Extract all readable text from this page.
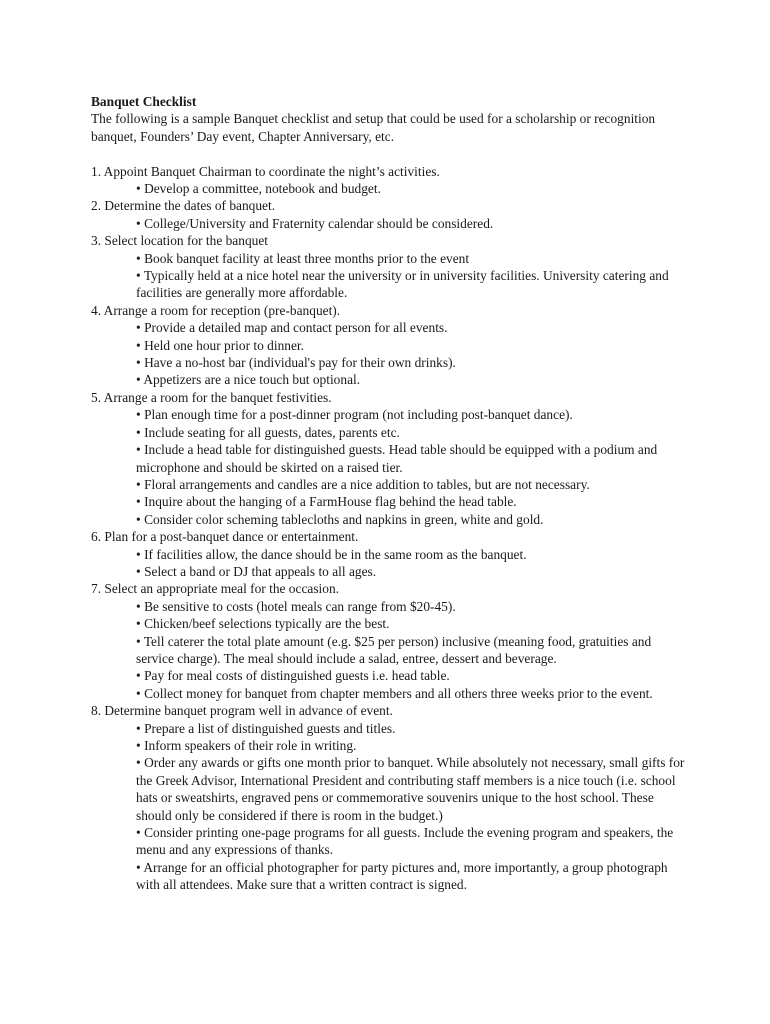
Banquet Checklist

The following is a sample Banquet checklist and setup that could be used for a scholarship or recognition banquet, Founders’ Day event, Chapter Anniversary, etc.

1. Appoint Banquet Chairman to coordinate the night’s activities.

• Develop a committee, notebook and budget.

2. Determine the dates of banquet.

• College/University and Fraternity calendar should be considered.

3. Select location for the banquet

• Book banquet facility at least three months prior to the event
• Typically held at a nice hotel near the university or in university facilities. University catering and facilities are generally more affordable.

4. Arrange a room for reception (pre-banquet).

• Provide a detailed map and contact person for all events.
• Held one hour prior to dinner.
• Have a no-host bar (individual's pay for their own drinks).
• Appetizers are a nice touch but optional.

5. Arrange a room for the banquet festivities.

• Plan enough time for a post-dinner program (not including post-banquet dance).
• Include seating for all guests, dates, parents etc.
• Include a head table for distinguished guests. Head table should be equipped with a podium and microphone and should be skirted on a raised tier.
• Floral arrangements and candles are a nice addition to tables, but are not necessary.
• Inquire about the hanging of a FarmHouse flag behind the head table.
• Consider color scheming tablecloths and napkins in green, white and gold.

6. Plan for a post-banquet dance or entertainment.

• If facilities allow, the dance should be in the same room as the banquet.
• Select a band or DJ that appeals to all ages.

7. Select an appropriate meal for the occasion.

• Be sensitive to costs (hotel meals can range from $20-45).
• Chicken/beef selections typically are the best.
• Tell caterer the total plate amount (e.g. $25 per person) inclusive (meaning food, gratuities and service charge). The meal should include a salad, entree, dessert and beverage.
• Pay for meal costs of distinguished guests i.e. head table.
• Collect money for banquet from chapter members and all others three weeks prior to the event.

8. Determine banquet program well in advance of event.

• Prepare a list of distinguished guests and titles.
• Inform speakers of their role in writing.
• Order any awards or gifts one month prior to banquet. While absolutely not necessary, small gifts for the Greek Advisor, International President and contributing staff members is a nice touch (i.e. school hats or sweatshirts, engraved pens or commemorative souvenirs unique to the host school. These should only be considered if there is room in the budget.)
• Consider printing one-page programs for all guests. Include the evening program and speakers, the menu and any expressions of thanks.
• Arrange for an official photographer for party pictures and, more importantly, a group photograph with all attendees. Make sure that a written contract is signed.
